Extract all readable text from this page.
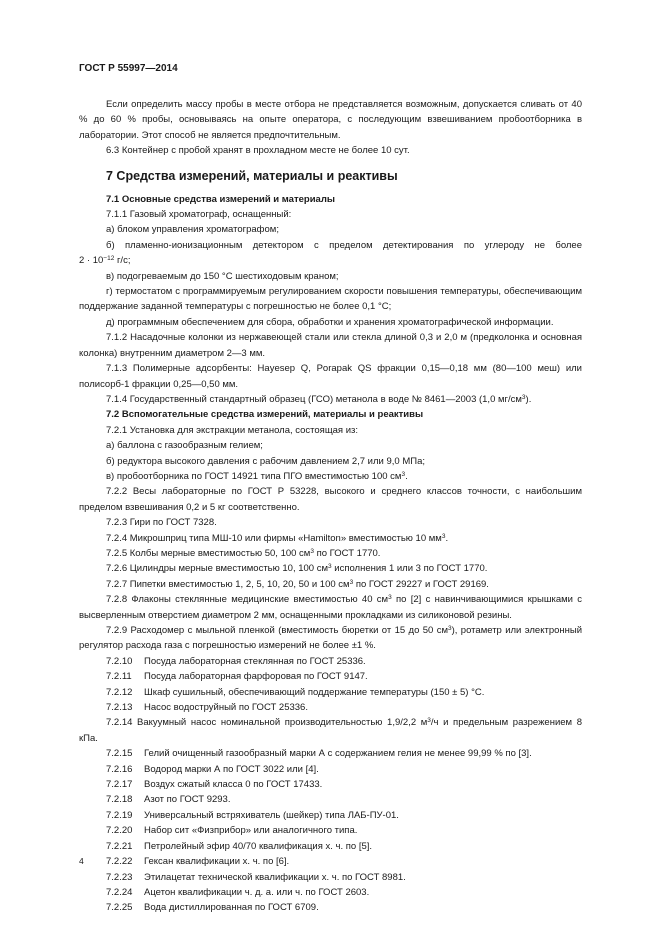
ГОСТ Р 55997—2014

Если определить массу пробы в месте отбора не представляется возможным, допускается сливать от 40 % до 60 % пробы, основываясь на опыте оператора, с последующим взвешиванием пробоотборника в лаборатории. Этот способ не является предпочтительным.

6.3 Контейнер с пробой хранят в прохладном месте не более 10 сут.

7 Средства измерений, материалы и реактивы
7.1 Основные средства измерений и материалы

7.1.1 Газовый хроматограф, оснащенный:

а) блоком управления хроматографом;

б) пламенно-ионизационным детектором с пределом детектирования по углероду не более

$2 \cdot 10^{-12}$ г/с;

в) подогреваемым до 150 °С шестиходовым краном;

г) термостатом с программируемым регулированием скорости повышения температуры, обеспечивающим поддержание заданной температуры с погрешностью не более 0,1 °С;

д) программным обеспечением для сбора, обработки и хранения хроматографической информации.

7.1.2 Насадочные колонки из нержавеющей стали или стекла длиной 0,3 и 2,0 м (предколонка и основная колонка) внутренним диаметром 2—3 мм.

7.1.3 Полимерные адсорбенты: Hayesep Q, Porapak QS фракции 0,15—0,18 мм (80—100 меш) или полисорб-1 фракции 0,25—0,50 мм.

7.1.4 Государственный стандартный образец (ГСО) метанола в воде № 8461—2003 (1,0 $мг/см^3$).

7.2 Вспомогательные средства измерений, материалы и реактивы

7.2.1 Установка для экстракции метанола, состоящая из:

а) баллона с газообразным гелием;

б) редуктора высокого давления с рабочим давлением 2,7 или 9,0 МПа;

в) пробоотборника по ГОСТ 14921 типа ПГО вместимостью 100 $см^3$.

7.2.2 Весы лабораторные по ГОСТ Р 53228, высокого и среднего классов точности, с наибольшим пределом взвешивания 0,2 и 5 кг соответственно.

7.2.3 Гири по ГОСТ 7328.

7.2.4 Микрошприц типа МШ-10 или фирмы «Hamilton» вместимостью 10 $мм^3$.

7.2.5 Колбы мерные вместимостью 50, 100 $см^3$ по ГОСТ 1770.

7.2.6 Цилиндры мерные вместимостью 10, 100 $см^3$ исполнения 1 или 3 по ГОСТ 1770.

7.2.7 Пипетки вместимостью 1, 2, 5, 10, 20, 50 и 100 $см^3$ по ГОСТ 29227 и ГОСТ 29169.

7.2.8 Флаконы стеклянные медицинские вместимостью 40 $см^3$ по [2] с навинчивающимися крышками с высверленным отверстием диаметром 2 мм, оснащенными прокладками из силиконовой резины.

7.2.9 Расходомер с мыльной пленкой (вместимость бюретки от 15 до 50 $см^3$), ротаметр или электронный регулятор расхода газа с погрешностью измерений не более ±1 %.

7.2.10 Посуда лабораторная стеклянная по ГОСТ 25336.

7.2.11 Посуда лабораторная фарфоровая по ГОСТ 9147.

7.2.12 Шкаф сушильный, обеспечивающий поддержание температуры (150 ± 5) °С.

7.2.13 Насос водоструйный по ГОСТ 25336.

7.2.14 Вакуумный насос номинальной производительностью 1,9/2,2 $м^3/ч$ и предельным разрежением 8 кПа.

7.2.15 Гелий очищенный газообразный марки А с содержанием гелия не менее 99,99 % по [3].

7.2.16 Водород марки А по ГОСТ 3022 или [4].

7.2.17 Воздух сжатый класса 0 по ГОСТ 17433.

7.2.18 Азот по ГОСТ 9293.

7.2.19 Универсальный встряхиватель (шейкер) типа ЛАБ-ПУ-01.

7.2.20 Набор сит «Физприбор» или аналогичного типа.

7.2.21 Петролейный эфир 40/70 квалификация х. ч. по [5].

7.2.22 Гексан квалификации х. ч. по [6].

7.2.23 Этилацетат технической квалификации х. ч. по ГОСТ 8981.

7.2.24 Ацетон квалификации ч. д. а. или ч. по ГОСТ 2603.

7.2.25 Вода дистиллированная по ГОСТ 6709.

4
